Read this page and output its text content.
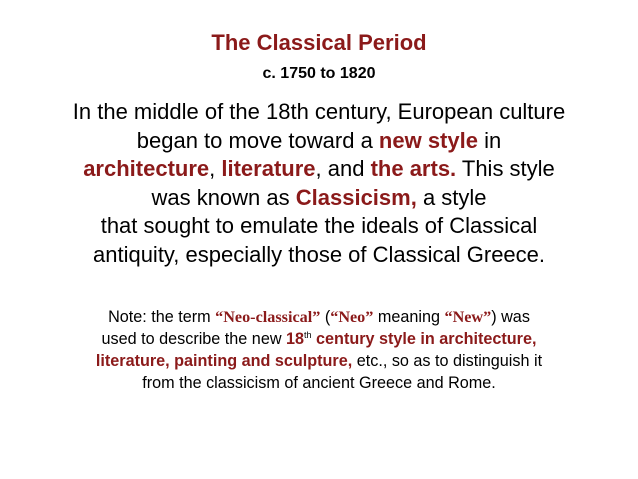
The Classical Period
c. 1750 to 1820
In the middle of the 18th century, European culture
began to move toward a new style in
architecture, literature, and the arts. This style
was known as Classicism, a style
that sought to emulate the ideals of Classical
antiquity, especially those of Classical Greece.
Note: the term “Neo-classical” (“Neo” meaning “New”) was
used to describe the new 18th century style in architecture,
literature, painting and sculpture, etc., so as to distinguish it
from the classicism of ancient Greece and Rome.
